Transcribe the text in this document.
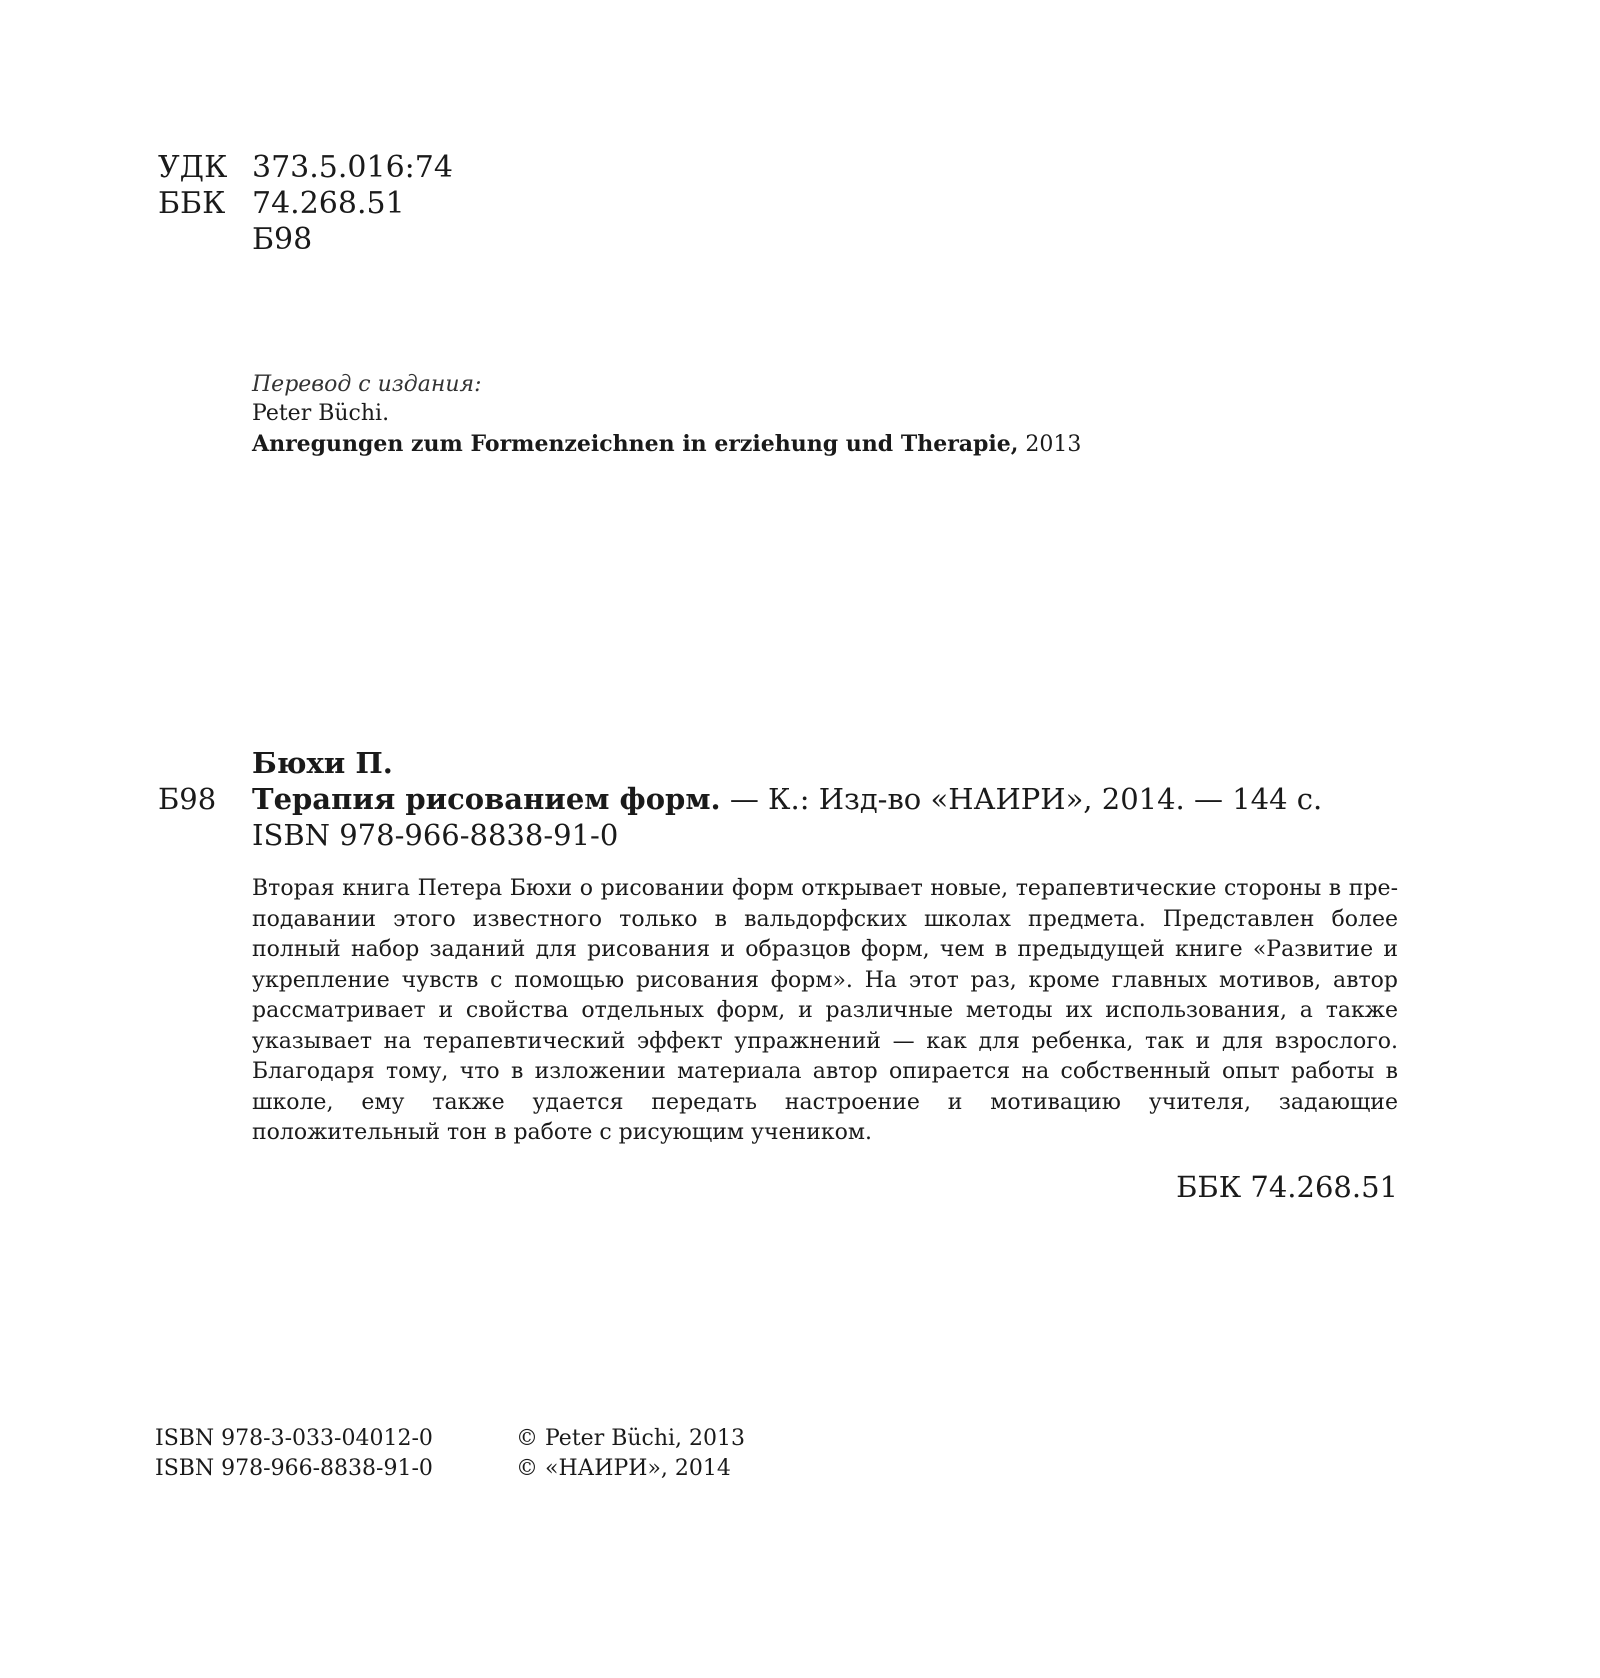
УДК 373.5.016:74
ББК 74.268.51
Б98
Перевод с издания:
Peter Büchi.
Anregungen zum Formenzeichnen in erziehung und Therapie, 2013
Бюхи П.
Б98 Терапия рисованием форм. — К.: Изд-во «НАИРИ», 2014. — 144 с.
ISBN 978-966-8838-91-0
Вторая книга Петера Бюхи о рисовании форм открывает новые, терапевтические стороны в преподавании этого известного только в вальдорфских школах предмета. Представлен более полный набор заданий для рисования и образцов форм, чем в предыдущей книге «Развитие и укрепление чувств с помощью рисования форм». На этот раз, кроме главных мотивов, автор рассматривает и свойства отдельных форм, и различные методы их использования, а также указывает на терапевтический эффект упражнений — как для ребенка, так и для взрослого. Благодаря тому, что в изложении материала автор опирается на собственный опыт работы в школе, ему также удается передать настроение и мотивацию учителя, задающие положительный тон в работе с рисующим учеником.
ББК 74.268.51
ISBN 978-3-033-04012-0	© Peter Büchi, 2013
ISBN 978-966-8838-91-0	© «НАИРИ», 2014
